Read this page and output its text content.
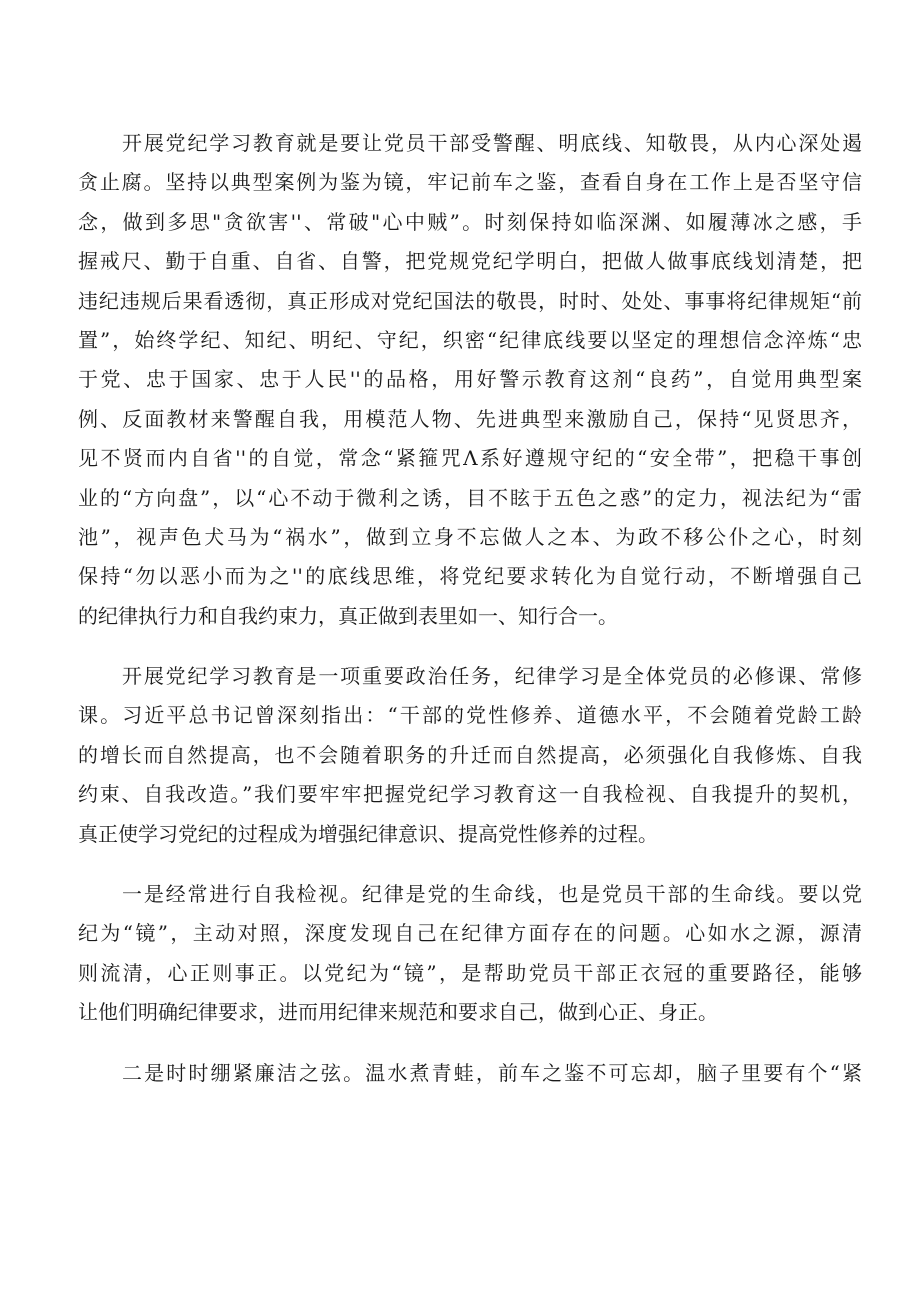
开展党纪学习教育就是要让党员干部受警醒、明底线、知敬畏，从内心深处遏
贪止腐。坚持以典型案例为鉴为镜，牢记前车之鉴，查看自身在工作上是否坚守信
念，做到多思"贪欲害''、常破"心中贼”。时刻保持如临深渊、如履薄冰之感，手
握戒尺、勤于自重、自省、自警，把党规党纪学明白，把做人做事底线划清楚，把
违纪违规后果看透彻，真正形成对党纪国法的敬畏，时时、处处、事事将纪律规矩“前
置”，始终学纪、知纪、明纪、守纪，织密“纪律底线要以坚定的理想信念淬炼“忠
于党、忠于国家、忠于人民''的品格，用好警示教育这剂“良药”，自觉用典型案
例、反面教材来警醒自我，用模范人物、先进典型来激励自己，保持“见贤思齐，
见不贤而内自省''的自觉，常念“紧箍咒Λ系好遵规守纪的“安全带”，把稳干事创
业的“方向盘”，以“心不动于微利之诱，目不眩于五色之惑”的定力，视法纪为“雷
池”，视声色犬马为“祸水”，做到立身不忘做人之本、为政不移公仆之心，时刻
保持“勿以恶小而为之''的底线思维，将党纪要求转化为自觉行动，不断增强自己
的纪律执行力和自我约束力，真正做到表里如一、知行合一。
开展党纪学习教育是一项重要政治任务，纪律学习是全体党员的必修课、常修
课。习近平总书记曾深刻指出：“干部的党性修养、道德水平，不会随着党龄工龄
的增长而自然提高，也不会随着职务的升迁而自然提高，必须强化自我修炼、自我
约束、自我改造。”我们要牢牢把握党纪学习教育这一自我检视、自我提升的契机，
真正使学习党纪的过程成为增强纪律意识、提高党性修养的过程。
一是经常进行自我检视。纪律是党的生命线，也是党员干部的生命线。要以党
纪为“镜”，主动对照，深度发现自己在纪律方面存在的问题。心如水之源，源清
则流清，心正则事正。以党纪为“镜”，是帮助党员干部正衣冠的重要路径，能够
让他们明确纪律要求，进而用纪律来规范和要求自己，做到心正、身正。
二是时时绷紧廉洁之弦。温水煮青蛙，前车之鉴不可忘却，脑子里要有个“紧
